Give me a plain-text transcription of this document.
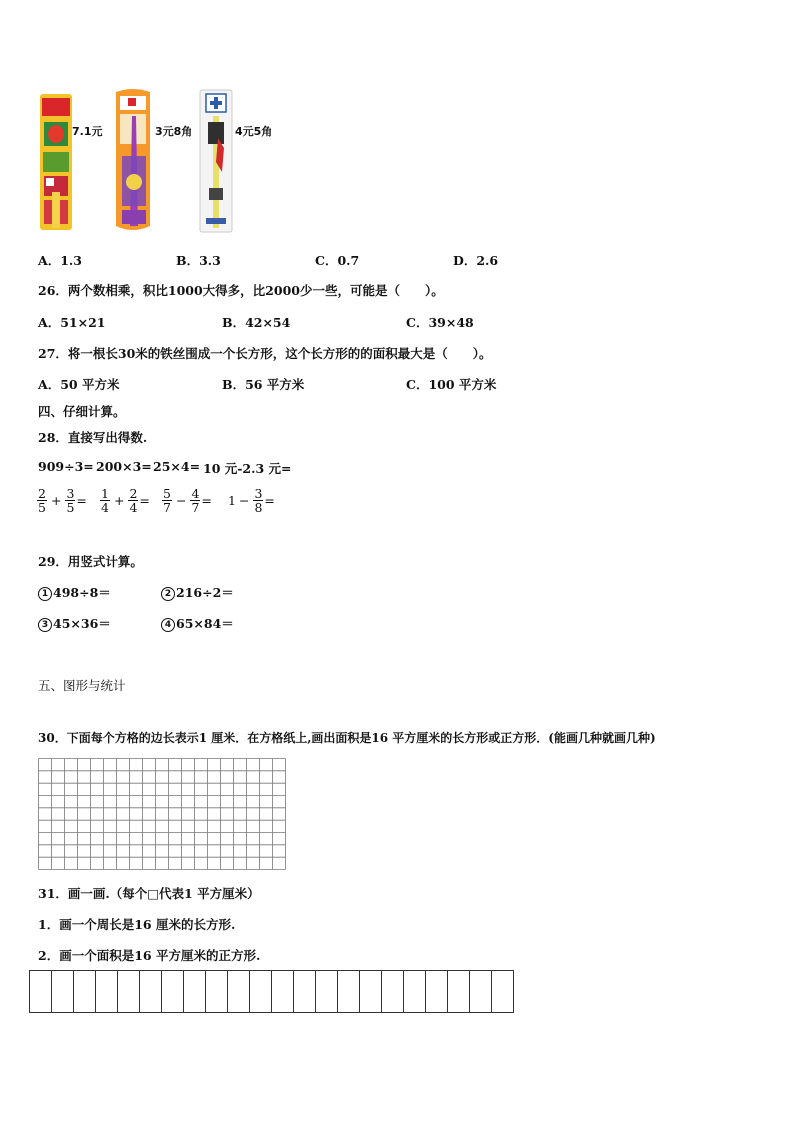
7.1元	3元8角	4元5角
A．1.3	B．3.3	C．0.7	D．2.6
26．两个数相乘，积比1000大得多，比2000少一些，可能是（　　）。
A．51×21	B．42×54	C．39×48
27．将一根长30米的铁丝围成一个长方形，这个长方形的的面积最大是（　　）。
A．50 平方米	B．56 平方米	C．100 平方米
四、仔细计算。
28．直接写出得数.
909÷3= 200×3= 25×4= 10 元-2.3 元=
$\frac{2}{5} + \frac{3}{5} = \frac{1}{4} + \frac{2}{4} = \frac{5}{7} - \frac{4}{7} = 1 - \frac{3}{8}$ =
29．用竖式计算。
1 498÷8＝	2 216÷2＝
3 45×36＝	4 65×84＝
五、图形与统计
30．下面每个方格的边长表示1 厘米．在方格纸上,画出面积是16 平方厘米的长方形或正方形．(能画几种就画几种)
31．画一画.（每个□代表1 平方厘米）
1．画一个周长是16 厘米的长方形.
2．画一个面积是16 平方厘米的正方形.
